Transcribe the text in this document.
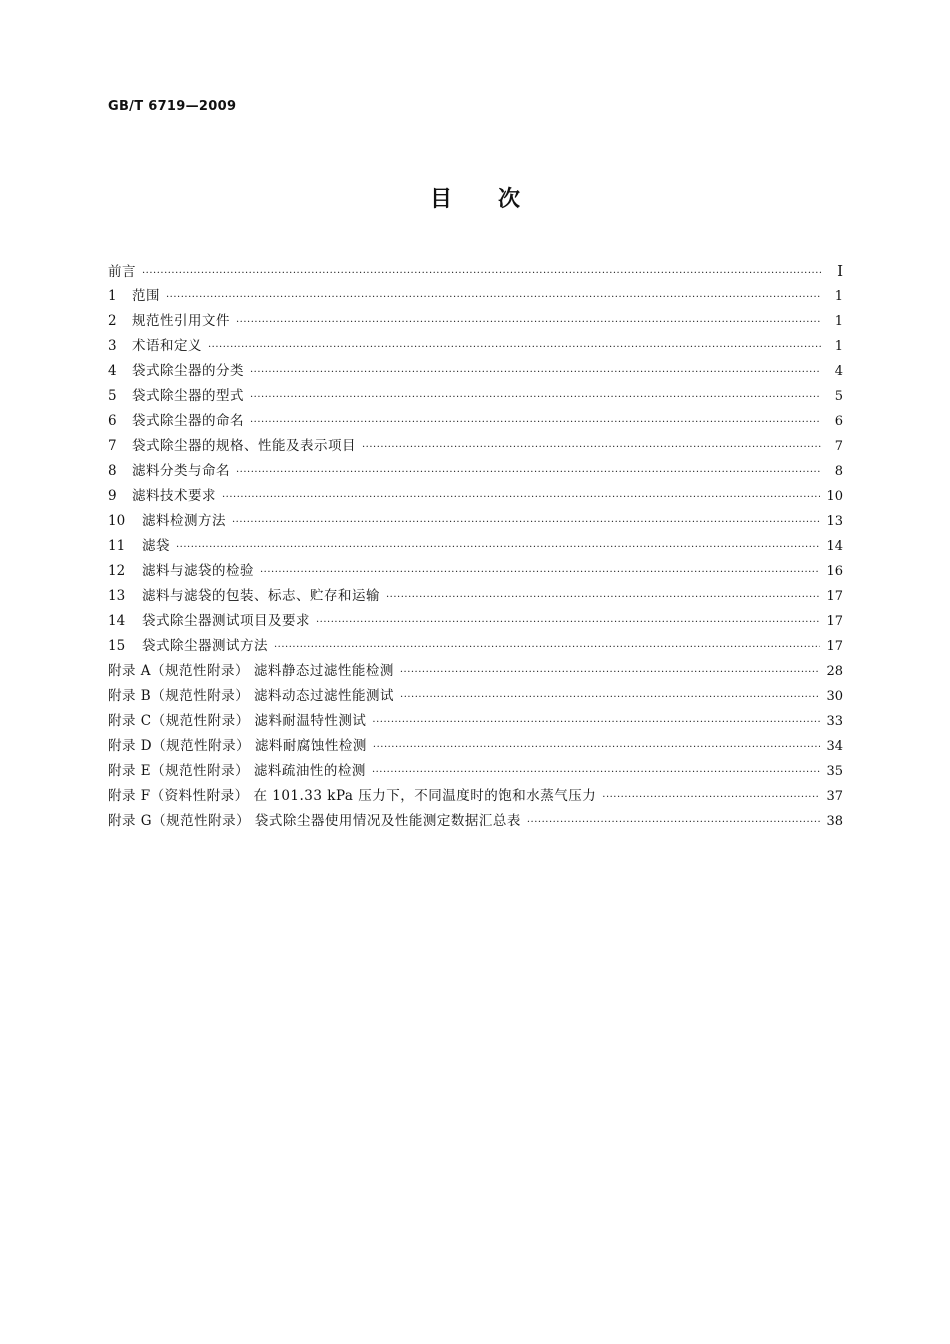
GB/T 6719—2009
目次
前言 ·····	Ⅰ
1	范围 ·····	1
2	规范性引用文件 ·····	1
3	术语和定义 ·····	1
4	袋式除尘器的分类 ·····	4
5	袋式除尘器的型式 ·····	5
6	袋式除尘器的命名 ·····	6
7	袋式除尘器的规格、性能及表示项目 ·····	7
8	滤料分类与命名 ·····	8
9	滤料技术要求 ·····	10
10	滤料检测方法 ·····	13
11	滤袋 ·····	14
12	滤料与滤袋的检验 ·····	16
13	滤料与滤袋的包装、标志、贮存和运输 ·····	17
14	袋式除尘器测试项目及要求 ·····	17
15	袋式除尘器测试方法 ·····	17
附录 A（规范性附录） 滤料静态过滤性能检测 ·····	28
附录 B（规范性附录） 滤料动态过滤性能测试 ·····	30
附录 C（规范性附录） 滤料耐温特性测试 ·····	33
附录 D（规范性附录） 滤料耐腐蚀性检测 ·····	34
附录 E（规范性附录） 滤料疏油性的检测 ·····	35
附录 F（资料性附录） 在 101.33 kPa 压力下，不同温度时的饱和水蒸气压力 ·····	37
附录 G（规范性附录） 袋式除尘器使用情况及性能测定数据汇总表 ·····	38
